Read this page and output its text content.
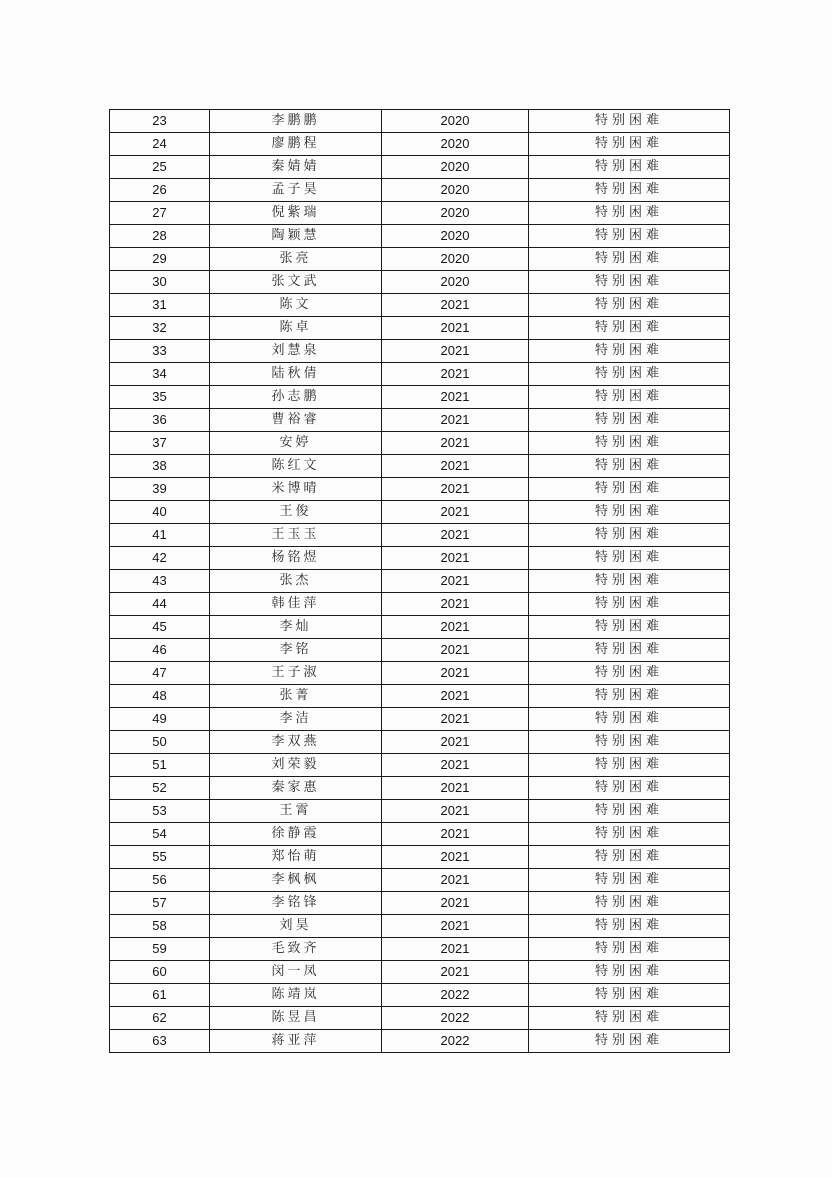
23	李鹏鹏	2020	特别困难
24	廖鹏程	2020	特别困难
25	秦婧婧	2020	特别困难
26	孟子昊	2020	特别困难
27	倪紫瑞	2020	特别困难
28	陶颖慧	2020	特别困难
29	张亮	2020	特别困难
30	张文武	2020	特别困难
31	陈文	2021	特别困难
32	陈卓	2021	特别困难
33	刘慧泉	2021	特别困难
34	陆秋倩	2021	特别困难
35	孙志鹏	2021	特别困难
36	曹裕睿	2021	特别困难
37	安婷	2021	特别困难
38	陈红文	2021	特别困难
39	米博晴	2021	特别困难
40	王俊	2021	特别困难
41	王玉玉	2021	特别困难
42	杨铭煜	2021	特别困难
43	张杰	2021	特别困难
44	韩佳萍	2021	特别困难
45	李灿	2021	特别困难
46	李铭	2021	特别困难
47	王子淑	2021	特别困难
48	张菁	2021	特别困难
49	李洁	2021	特别困难
50	李双燕	2021	特别困难
51	刘荣毅	2021	特别困难
52	秦家惠	2021	特别困难
53	王霄	2021	特别困难
54	徐静霞	2021	特别困难
55	郑怡萌	2021	特别困难
56	李枫枫	2021	特别困难
57	李铭锋	2021	特别困难
58	刘昊	2021	特别困难
59	毛致齐	2021	特别困难
60	闵一凤	2021	特别困难
61	陈靖岚	2022	特别困难
62	陈昱昌	2022	特别困难
63	蒋亚萍	2022	特别困难
